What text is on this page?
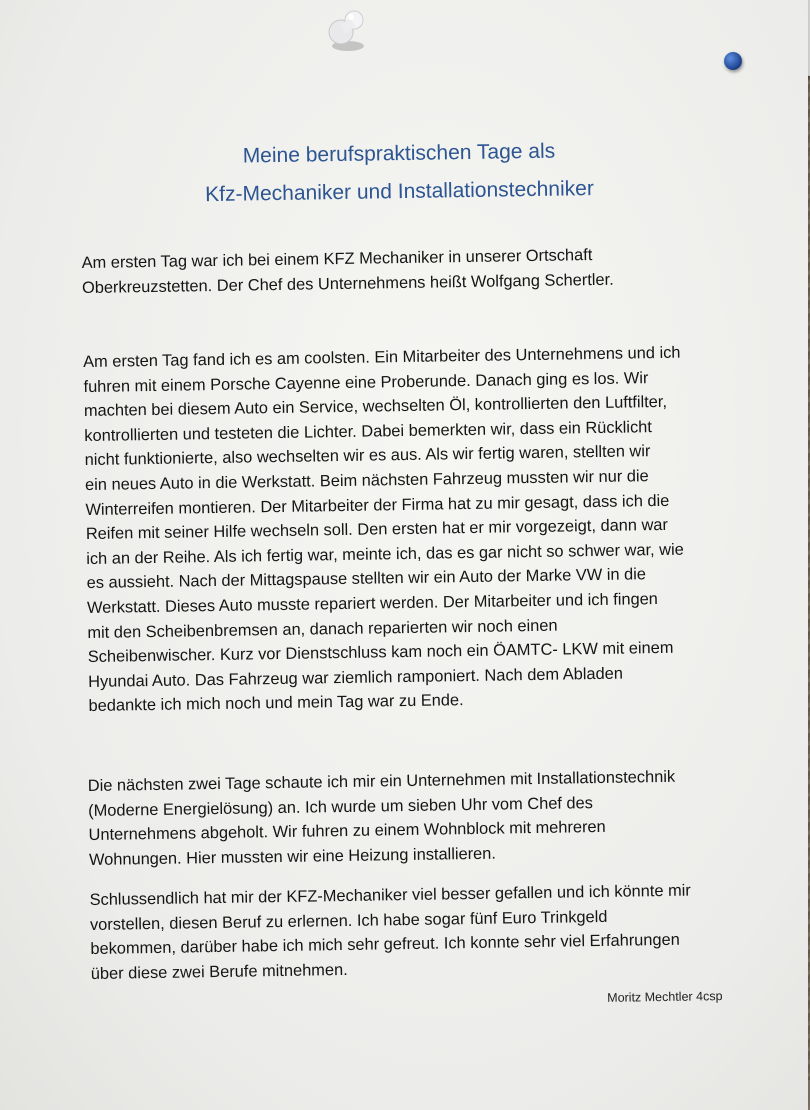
Meine berufspraktischen Tage als
Kfz-Mechaniker und Installationstechniker

Am ersten Tag war ich bei einem KFZ Mechaniker in unserer Ortschaft
Oberkreuzstetten. Der Chef des Unternehmens heißt Wolfgang Schertler.

Am ersten Tag fand ich es am coolsten. Ein Mitarbeiter des Unternehmens und ich
fuhren mit einem Porsche Cayenne eine Proberunde. Danach ging es los. Wir
machten bei diesem Auto ein Service, wechselten Öl, kontrollierten den Luftfilter,
kontrollierten und testeten die Lichter. Dabei bemerkten wir, dass ein Rücklicht
nicht funktionierte, also wechselten wir es aus. Als wir fertig waren, stellten wir
ein neues Auto in die Werkstatt. Beim nächsten Fahrzeug mussten wir nur die
Winterreifen montieren. Der Mitarbeiter der Firma hat zu mir gesagt, dass ich die
Reifen mit seiner Hilfe wechseln soll. Den ersten hat er mir vorgezeigt, dann war
ich an der Reihe. Als ich fertig war, meinte ich, das es gar nicht so schwer war, wie
es aussieht. Nach der Mittagspause stellten wir ein Auto der Marke VW in die
Werkstatt. Dieses Auto musste repariert werden. Der Mitarbeiter und ich fingen
mit den Scheibenbremsen an, danach reparierten wir noch einen
Scheibenwischer. Kurz vor Dienstschluss kam noch ein ÖAMTC- LKW mit einem
Hyundai Auto. Das Fahrzeug war ziemlich ramponiert. Nach dem Abladen
bedankte ich mich noch und mein Tag war zu Ende.

Die nächsten zwei Tage schaute ich mir ein Unternehmen mit Installationstechnik
(Moderne Energielösung) an. Ich wurde um sieben Uhr vom Chef des
Unternehmens abgeholt. Wir fuhren zu einem Wohnblock mit mehreren
Wohnungen. Hier mussten wir eine Heizung installieren.

Schlussendlich hat mir der KFZ-Mechaniker viel besser gefallen und ich könnte mir
vorstellen, diesen Beruf zu erlernen. Ich habe sogar fünf Euro Trinkgeld
bekommen, darüber habe ich mich sehr gefreut. Ich konnte sehr viel Erfahrungen
über diese zwei Berufe mitnehmen.

Moritz Mechtler 4csp
